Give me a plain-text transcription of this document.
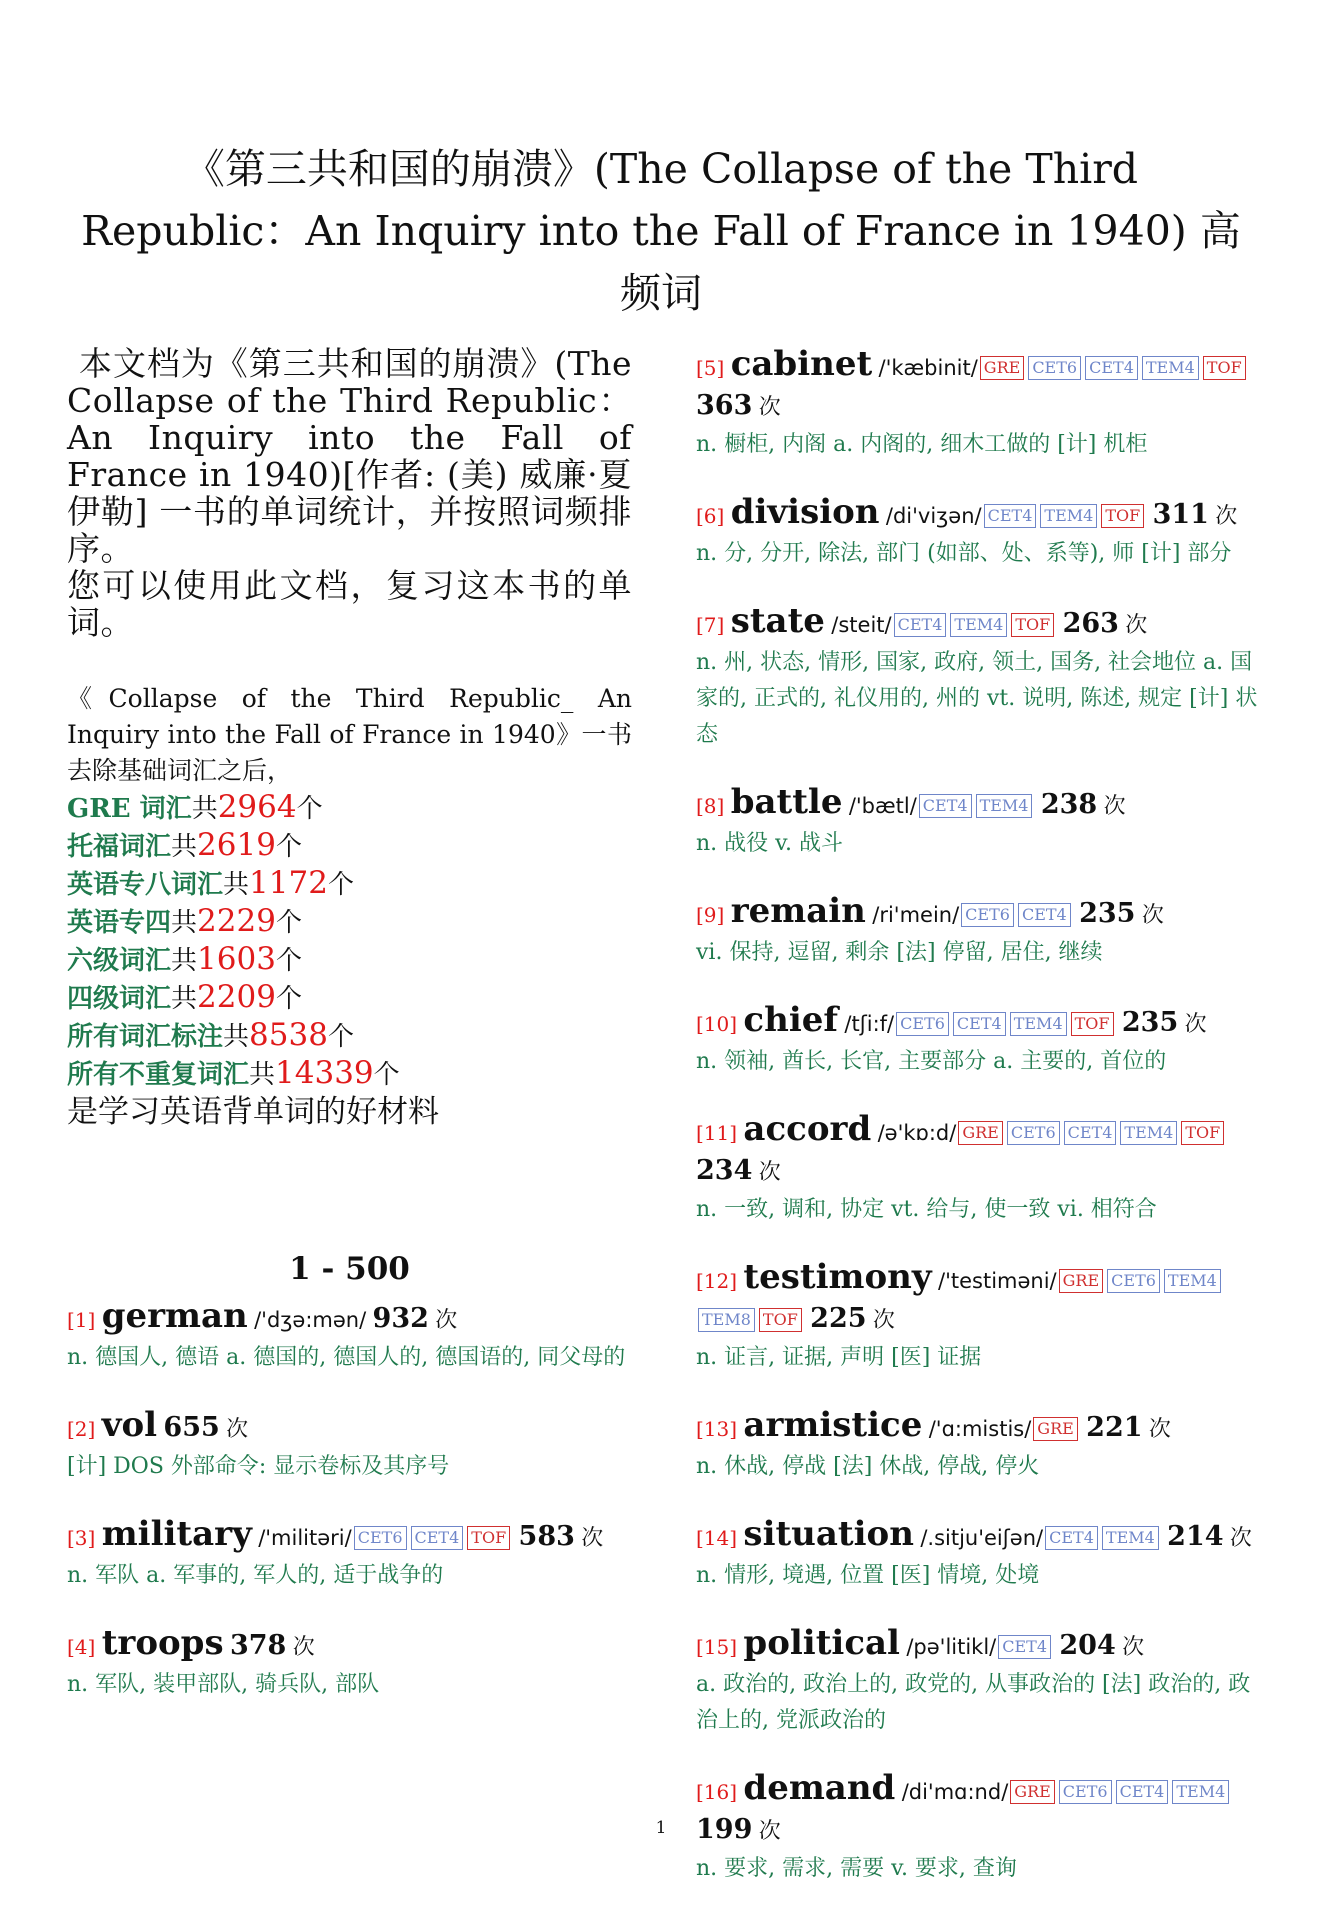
《第三共和国的崩溃》(The Collapse of the Third Republic：An Inquiry into the Fall of France in 1940) 高频词

本文档为《第三共和国的崩溃》(The Collapse of the Third Republic：An Inquiry into the Fall of France in 1940)[作者: (美) 威廉·夏伊勒] 一书的单词统计，并按照词频排序。

您可以使用此文档，复习这本书的单词。

《Collapse of the Third Republic_ An Inquiry into the Fall of France in 1940》一书去除基础词汇之后，
GRE 词汇共2964个
托福词汇共2619个
英语专八词汇共1172个
英语专四共2229个
六级词汇共1603个
四级词汇共2209个
所有词汇标注共8538个
所有不重复词汇共14339个
是学习英语背单词的好材料
1 - 500
[1] german /'dʒə:mən/ 932 次
n. 德国人, 德语 a. 德国的, 德国人的, 德国语的, 同父母的
[2] vol 655 次
[计] DOS 外部命令: 显示卷标及其序号
[3] military /'militəri/ CET6 CET4 TOF 583 次
n. 军队 a. 军事的, 军人的, 适于战争的
[4] troops 378 次
n. 军队, 装甲部队, 骑兵队, 部队
[5] cabinet /'kæbinit/ GRE CET6 CET4 TEM4 TOF 363 次
n. 橱柜, 内阁 a. 内阁的, 细木工做的 [计] 机柜
[6] division /di'viʒən/ CET4 TEM4 TOF 311 次
n. 分, 分开, 除法, 部门 (如部、处、系等), 师 [计] 部分
[7] state /steit/ CET4 TEM4 TOF 263 次
n. 州, 状态, 情形, 国家, 政府, 领土, 国务, 社会地位 a. 国家的, 正式的, 礼仪用的, 州的 vt. 说明, 陈述, 规定 [计] 状态
[8] battle /'bætl/ CET4 TEM4 238 次
n. 战役 v. 战斗
[9] remain /ri'mein/ CET6 CET4 235 次
vi. 保持, 逗留, 剩余 [法] 停留, 居住, 继续
[10] chief /tʃi:f/ CET6 CET4 TEM4 TOF 235 次
n. 领袖, 酋长, 长官, 主要部分 a. 主要的, 首位的
[11] accord /ə'kɒ:d/ GRE CET6 CET4 TEM4 TOF 234 次
n. 一致, 调和, 协定 vt. 给与, 使一致 vi. 相符合
[12] testimony /'testiməni/ GRE CET6 TEM4TEM8 TOF 225 次
n. 证言, 证据, 声明 [医] 证据
[13] armistice /'ɑ:mistis/ GRE 221 次
n. 休战, 停战 [法] 休战, 停战, 停火
[14] situation /.sitju'eiʃən/ CET4 TEM4 214 次
n. 情形, 境遇, 位置 [医] 情境, 处境
[15] political /pə'litikl/ CET4 204 次
a. 政治的, 政治上的, 政党的, 从事政治的 [法] 政治的, 政治上的, 党派政治的
[16] demand /di'mɑ:nd/ GRE CET6 CET4 TEM4 199 次
n. 要求, 需求, 需要 v. 要求, 查询
1
